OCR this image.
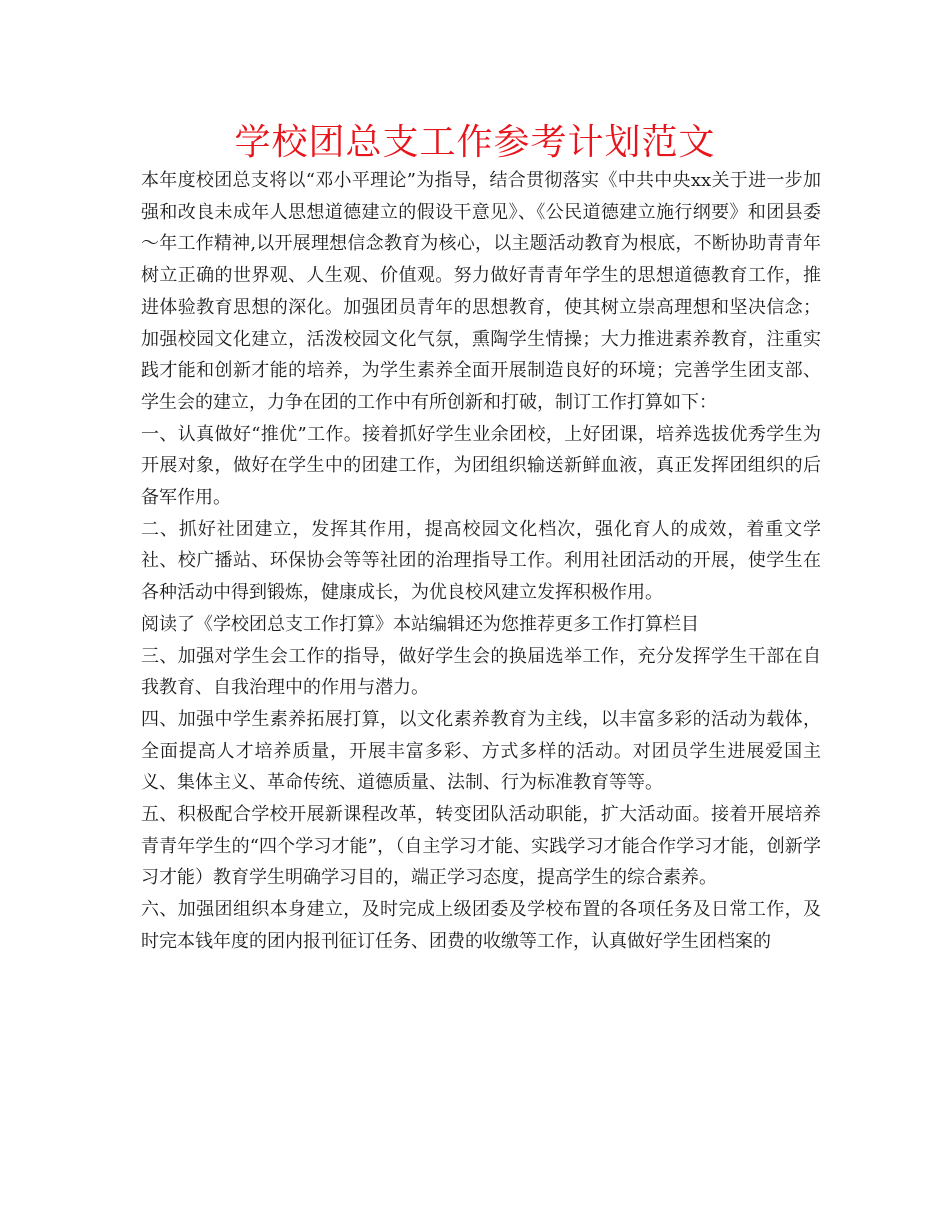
学校团总支工作参考计划范文

本年度校团总支将以“邓小平理论”为指导，结合贯彻落实《中共中央xx关于进一步加强和改良未成年人思想道德建立的假设干意见》、《公民道德建立施行纲要》和团县委～年工作精神,以开展理想信念教育为核心，以主题活动教育为根底，不断协助青青年树立正确的世界观、人生观、价值观。努力做好青青年学生的思想道德教育工作，推进体验教育思想的深化。加强团员青年的思想教育，使其树立崇高理想和坚决信念；加强校园文化建立，活泼校园文化气氛，熏陶学生情操；大力推进素养教育，注重实践才能和创新才能的培养，为学生素养全面开展制造良好的环境；完善学生团支部、学生会的建立，力争在团的工作中有所创新和打破，制订工作打算如下：

一、认真做好“推优”工作。接着抓好学生业余团校，上好团课，培养选拔优秀学生为开展对象，做好在学生中的团建工作，为团组织输送新鲜血液，真正发挥团组织的后备军作用。

二、抓好社团建立，发挥其作用，提高校园文化档次，强化育人的成效，着重文学社、校广播站、环保协会等等社团的治理指导工作。利用社团活动的开展，使学生在各种活动中得到锻炼，健康成长，为优良校风建立发挥积极作用。

阅读了《学校团总支工作打算》本站编辑还为您推荐更多工作打算栏目

三、加强对学生会工作的指导，做好学生会的换届选举工作，充分发挥学生干部在自我教育、自我治理中的作用与潜力。

四、加强中学生素养拓展打算，以文化素养教育为主线，以丰富多彩的活动为载体，全面提高人才培养质量，开展丰富多彩、方式多样的活动。对团员学生进展爱国主义、集体主义、革命传统、道德质量、法制、行为标准教育等等。

五、积极配合学校开展新课程改革，转变团队活动职能，扩大活动面。接着开展培养青青年学生的“四个学习才能”，（自主学习才能、实践学习才能合作学习才能，创新学习才能）教育学生明确学习目的，端正学习态度，提高学生的综合素养。

六、加强团组织本身建立，及时完成上级团委及学校布置的各项任务及日常工作，及时完本钱年度的团内报刊征订任务、团费的收缴等工作，认真做好学生团档案的
